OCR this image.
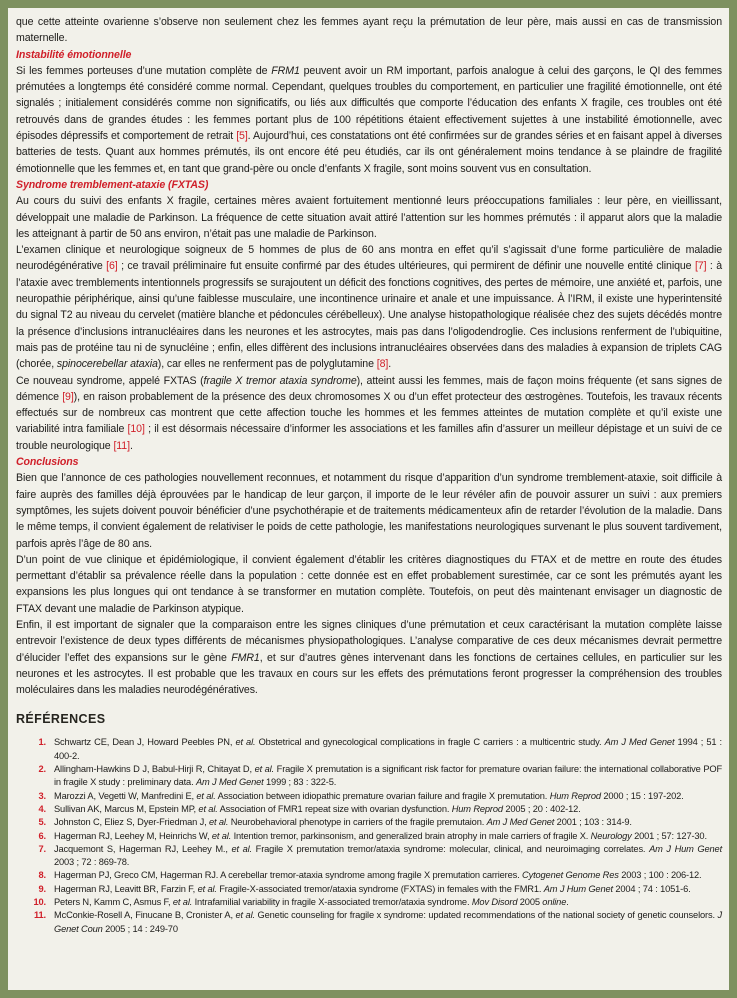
que cette atteinte ovarienne s’observe non seulement chez les femmes ayant reçu la prémutation de leur père, mais aussi en cas de transmission maternelle.
Instabilité émotionnelle
Si les femmes porteuses d’une mutation complète de FRM1 peuvent avoir un RM important, parfois analogue à celui des garçons, le QI des femmes prémutées a longtemps été considéré comme normal. Cependant, quelques troubles du comportement, en particulier une fragilité émotionnelle, ont été signalés ; initialement considérés comme non significatifs, ou liés aux difficultés que comporte l’éducation des enfants X fragile, ces troubles ont été retrouvés dans de grandes études : les femmes portant plus de 100 répétitions étaient effectivement sujettes à une instabilité émotionnelle, avec épisodes dépressifs et comportement de retrait [5]. Aujourd’hui, ces constatations ont été confirmées sur de grandes séries et en faisant appel à diverses batteries de tests. Quant aux hommes prémutés, ils ont encore été peu étudiés, car ils ont généralement moins tendance à se plaindre de fragilité émotionnelle que les femmes et, en tant que grand-père ou oncle d’enfants X fragile, sont moins souvent vus en consultation.
Syndrome tremblement-ataxie (FXTAS)
Au cours du suivi des enfants X fragile, certaines mères avaient fortuitement mentionné leurs préoccupations familiales : leur père, en vieillissant, développait une maladie de Parkinson. La fréquence de cette situation avait attiré l’attention sur les hommes prémutés : il apparut alors que la maladie les atteignant à partir de 50 ans environ, n’était pas une maladie de Parkinson.
L’examen clinique et neurologique soigneux de 5 hommes de plus de 60 ans montra en effet qu’il s’agissait d’une forme particulière de maladie neurodégénérative [6] ; ce travail préliminaire fut ensuite confirmé par des études ultérieures, qui permirent de définir une nouvelle entité clinique [7] : à l’ataxie avec tremblements intentionnels progressifs se surajoutent un déficit des fonctions cognitives, des pertes de mémoire, une anxiété et, parfois, une neuropathie périphérique, ainsi qu’une faiblesse musculaire, une incontinence urinaire et anale et une impuissance. À l’IRM, il existe une hyperintensité du signal T2 au niveau du cervelet (matière blanche et pédoncules cérébelleux). Une analyse histopathologique réalisée chez des sujets décédés montre la présence d’inclusions intranucléaires dans les neurones et les astrocytes, mais pas dans l’oligodendroglie. Ces inclusions renferment de l’ubiquitine, mais pas de protéine tau ni de synucléine ; enfin, elles diffèrent des inclusions intranucléaires observées dans des maladies à expansion de triplets CAG (chorée, spinocerebellar ataxia), car elles ne renferment pas de polyglutamine [8].
Ce nouveau syndrome, appelé FXTAS (fragile X tremor ataxia syndrome), atteint aussi les femmes, mais de façon moins fréquente (et sans signes de démence [9]), en raison probablement de la présence des deux chromosomes X ou d’un effet protecteur des œstrogènes. Toutefois, les travaux récents effectués sur de nombreux cas montrent que cette affection touche les hommes et les femmes atteintes de mutation complète et qu’il existe une variabilité intra familiale [10] ; il est désormais nécessaire d’informer les associations et les familles afin d’assurer un meilleur dépistage et un suivi de ce trouble neurologique [11].
Conclusions
Bien que l’annonce de ces pathologies nouvellement reconnues, et notamment du risque d’apparition d’un syndrome tremblement-ataxie, soit difficile à faire auprès des familles déjà éprouvées par le handicap de leur garçon, il importe de le leur révéler afin de pouvoir assurer un suivi : aux premiers symptômes, les sujets doivent pouvoir bénéficier d’une psychothérapie et de traitements médicamenteux afin de retarder l’évolution de la maladie. Dans le même temps, il convient également de relativiser le poids de cette pathologie, les manifestations neurologiques survenant le plus souvent tardivement, parfois après l’âge de 80 ans.
D’un point de vue clinique et épidémiologique, il convient également d’établir les critères diagnostiques du FTAX et de mettre en route des études permettant d’établir sa prévalence réelle dans la population : cette donnée est en effet probablement surestimée, car ce sont les prémutés ayant les expansions les plus longues qui ont tendance à se transformer en mutation complète. Toutefois, on peut dès maintenant envisager un diagnostic de FTAX devant une maladie de Parkinson atypique.
Enfin, il est important de signaler que la comparaison entre les signes cliniques d’une prémutation et ceux caractérisant la mutation complète laisse entrevoir l’existence de deux types différents de mécanismes physiopathologiques. L’analyse comparative de ces deux mécanismes devrait permettre d’élucider l’effet des expansions sur le gène FMR1, et sur d’autres gènes intervenant dans les fonctions de certaines cellules, en particulier sur les neurones et les astrocytes. Il est probable que les travaux en cours sur les effets des prémutations feront progresser la compréhension des troubles moléculaires dans les maladies neurodégénératives.
RÉFÉRENCES
1. Schwartz CE, Dean J, Howard Peebles PN, et al. Obstetrical and gynecological complications in fragle C carriers : a multicentric study. Am J Med Genet 1994 ; 51 : 400-2.
2. Allingham-Hawkins D J, Babul-Hirji R, Chitayat D, et al. Fragile X premutation is a significant risk factor for premature ovarian failure: the international collaborative POF in fragile X study : preliminary data. Am J Med Genet 1999 ; 83 : 322-5.
3. Marozzi A, Vegetti W, Manfredini E, et al. Association between idiopathic premature ovarian failure and fragile X premutation. Hum Reprod 2000 ; 15 : 197-202.
4. Sullivan AK, Marcus M, Epstein MP, et al. Association of FMR1 repeat size with ovarian dysfunction. Hum Reprod 2005 ; 20 : 402-12.
5. Johnston C, Eliez S, Dyer-Friedman J, et al. Neurobehavioral phenotype in carriers of the fragile premutaion. Am J Med Genet 2001 ; 103 : 314-9.
6. Hagerman RJ, Leehey M, Heinrichs W, et al. Intention tremor, parkinsonism, and generalized brain atrophy in male carriers of fragile X. Neurology 2001 ; 57: 127-30.
7. Jacquemont S, Hagerman RJ, Leehey M., et al. Fragile X premutation tremor/ataxia syndrome: molecular, clinical, and neuroimaging correlates. Am J Hum Genet 2003 ; 72 : 869-78.
8. Hagerman PJ, Greco CM, Hagerman RJ. A cerebellar tremor-ataxia syndrome among fragile X premutation carrieres. Cytogenet Genome Res 2003 ; 100 : 206-12.
9. Hagerman RJ, Leavitt BR, Farzin F, et al. Fragile-X-associated tremor/ataxia syndrome (FXTAS) in females with the FMR1. Am J Hum Genet 2004 ; 74 : 1051-6.
10. Peters N, Kamm C, Asmus F, et al. Intrafamilial variability in fragile X-associated tremor/ataxia syndrome. Mov Disord 2005 online.
11. McConkie-Rosell A, Finucane B, Cronister A, et al. Genetic counseling for fragile x syndrome: updated recommendations of the national society of genetic counselors. J Genet Coun 2005 ; 14 : 249-70
